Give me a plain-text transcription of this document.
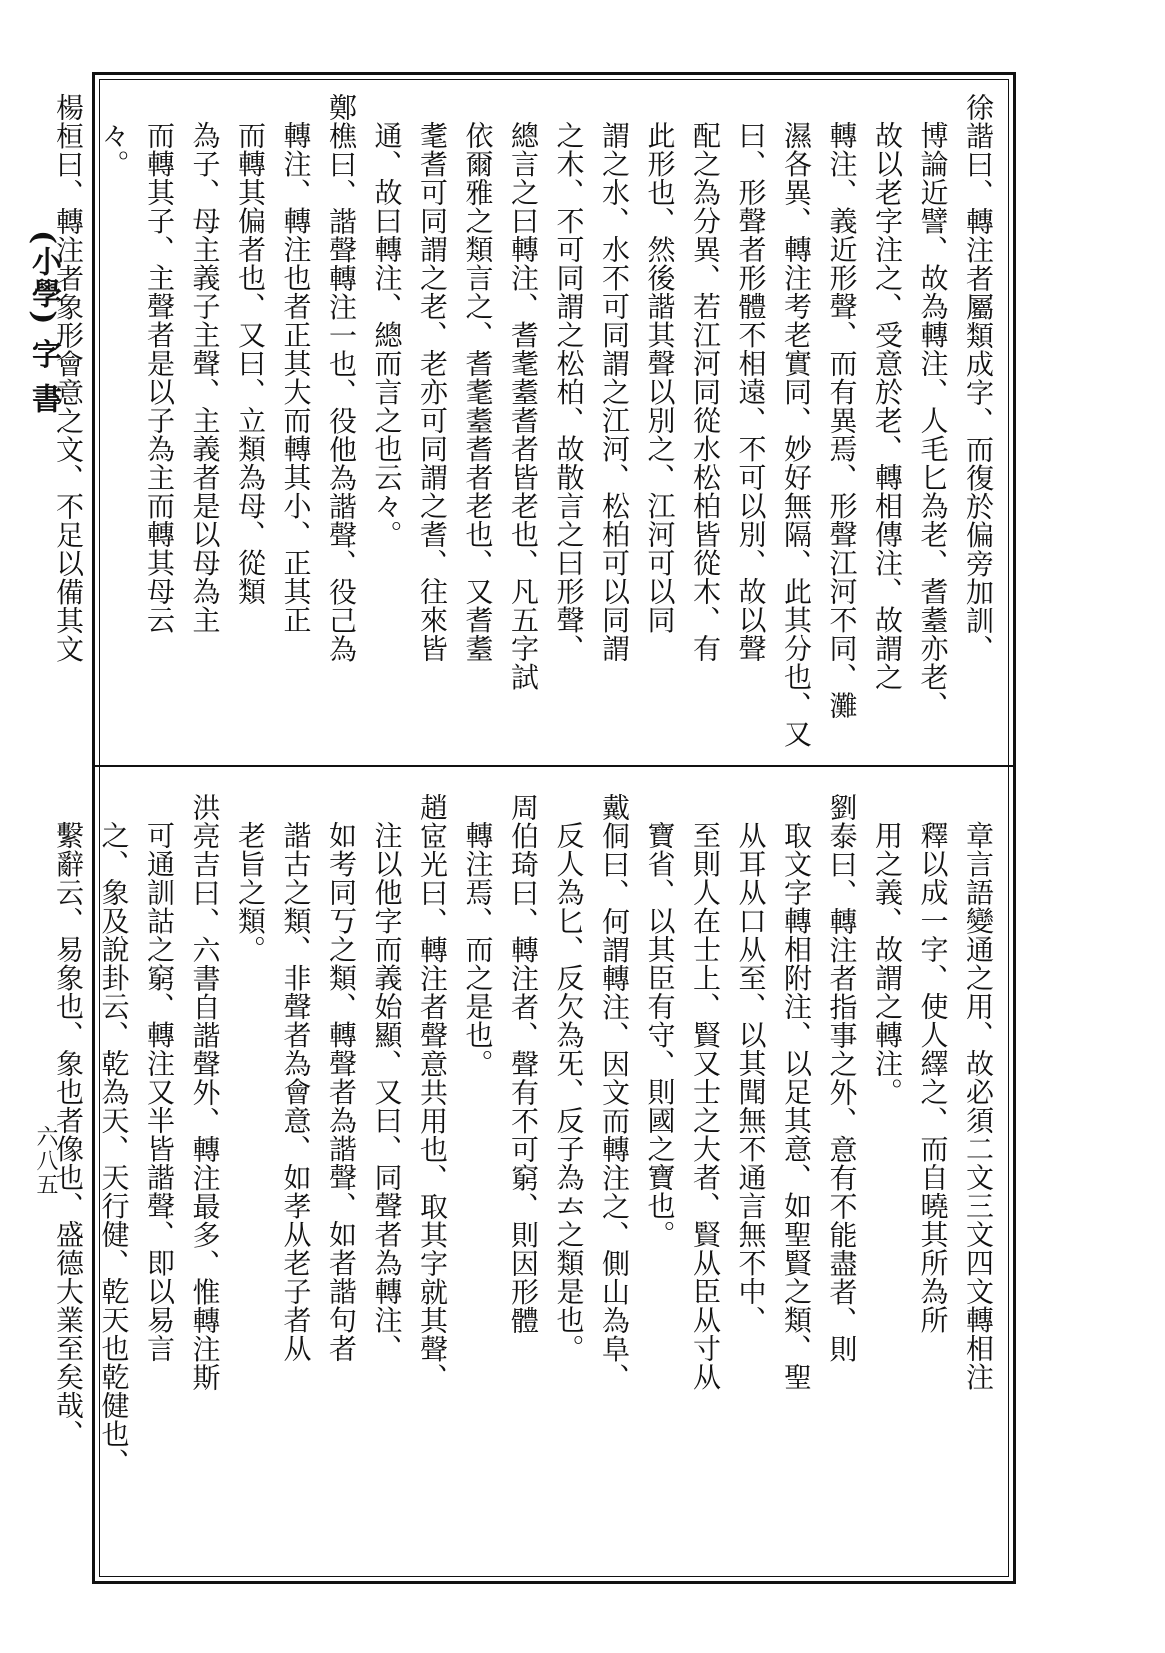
(小學) 字 書
六八五
徐諧曰、轉注者屬類成字、而復於偏旁加訓、
博論近譬、故為轉注、人毛匕為老、耆耋亦老、
故以老字注之、受意於老、轉相傳注、故謂之
轉注、義近形聲、而有異焉、形聲江河不同、灘
濕各異、轉注考老實同、妙好無隔、此其分也、又
曰、形聲者形體不相遠、不可以別、故以聲
配之為分異、若江河同從水松柏皆從木、有
此形也、然後諧其聲以別之、江河可以同
謂之水、水不可同謂之江河、松柏可以同謂
之木、不可同謂之松柏、故散言之曰形聲、
總言之曰轉注、耆耄耋耆者皆老也、凡五字試
依爾雅之類言之、耆耄耋耆者老也、又耆耋
耄耆可同謂之老、老亦可同謂之耆、往來皆
通、故曰轉注、總而言之也云々。
鄭樵曰、諧聲轉注一也、役他為諧聲、役己為
轉注、轉注也者正其大而轉其小、正其正
而轉其偏者也、又曰、立類為母、從類
為子、母主義子主聲、主義者是以母為主
而轉其子、主聲者是以子為主而轉其母云
々。
楊桓曰、轉注者象形會意之文、不足以備其文
章言語變通之用、故必須二文三文四文轉相注
釋以成一字、使人繹之、而自曉其所為所
用之義、故謂之轉注。
劉泰曰、轉注者指事之外、意有不能盡者、則
取文字轉相附注、以足其意、如聖賢之類、聖
从耳从口从至、以其聞無不通言無不中、
至則人在士上、賢又士之大者、賢从臣从寸从
寶省、以其臣有守、則國之寶也。
戴侗曰、何謂轉注、因文而轉注之、側山為阜、
反人為匕、反欠為旡、反子為𠫓之類是也。
周伯琦曰、轉注者、聲有不可窮、則因形體
轉注焉、而之是也。
趙宧光曰、轉注者聲意共用也、取其字就其聲、
注以他字而義始顯、又曰、同聲者為轉注、
如考同丂之類、轉聲者為諧聲、如者諧句者
諧古之類、非聲者為會意、如孝从老子者从
老旨之類。
洪亮吉曰、六書自諧聲外、轉注最多、惟轉注斯
可通訓詁之窮、轉注又半皆諧聲、即以易言
之、象及說卦云、乾為天、天行健、乾天也乾健也、
繫辭云、易象也、象也者像也、盛德大業至矣哉、
